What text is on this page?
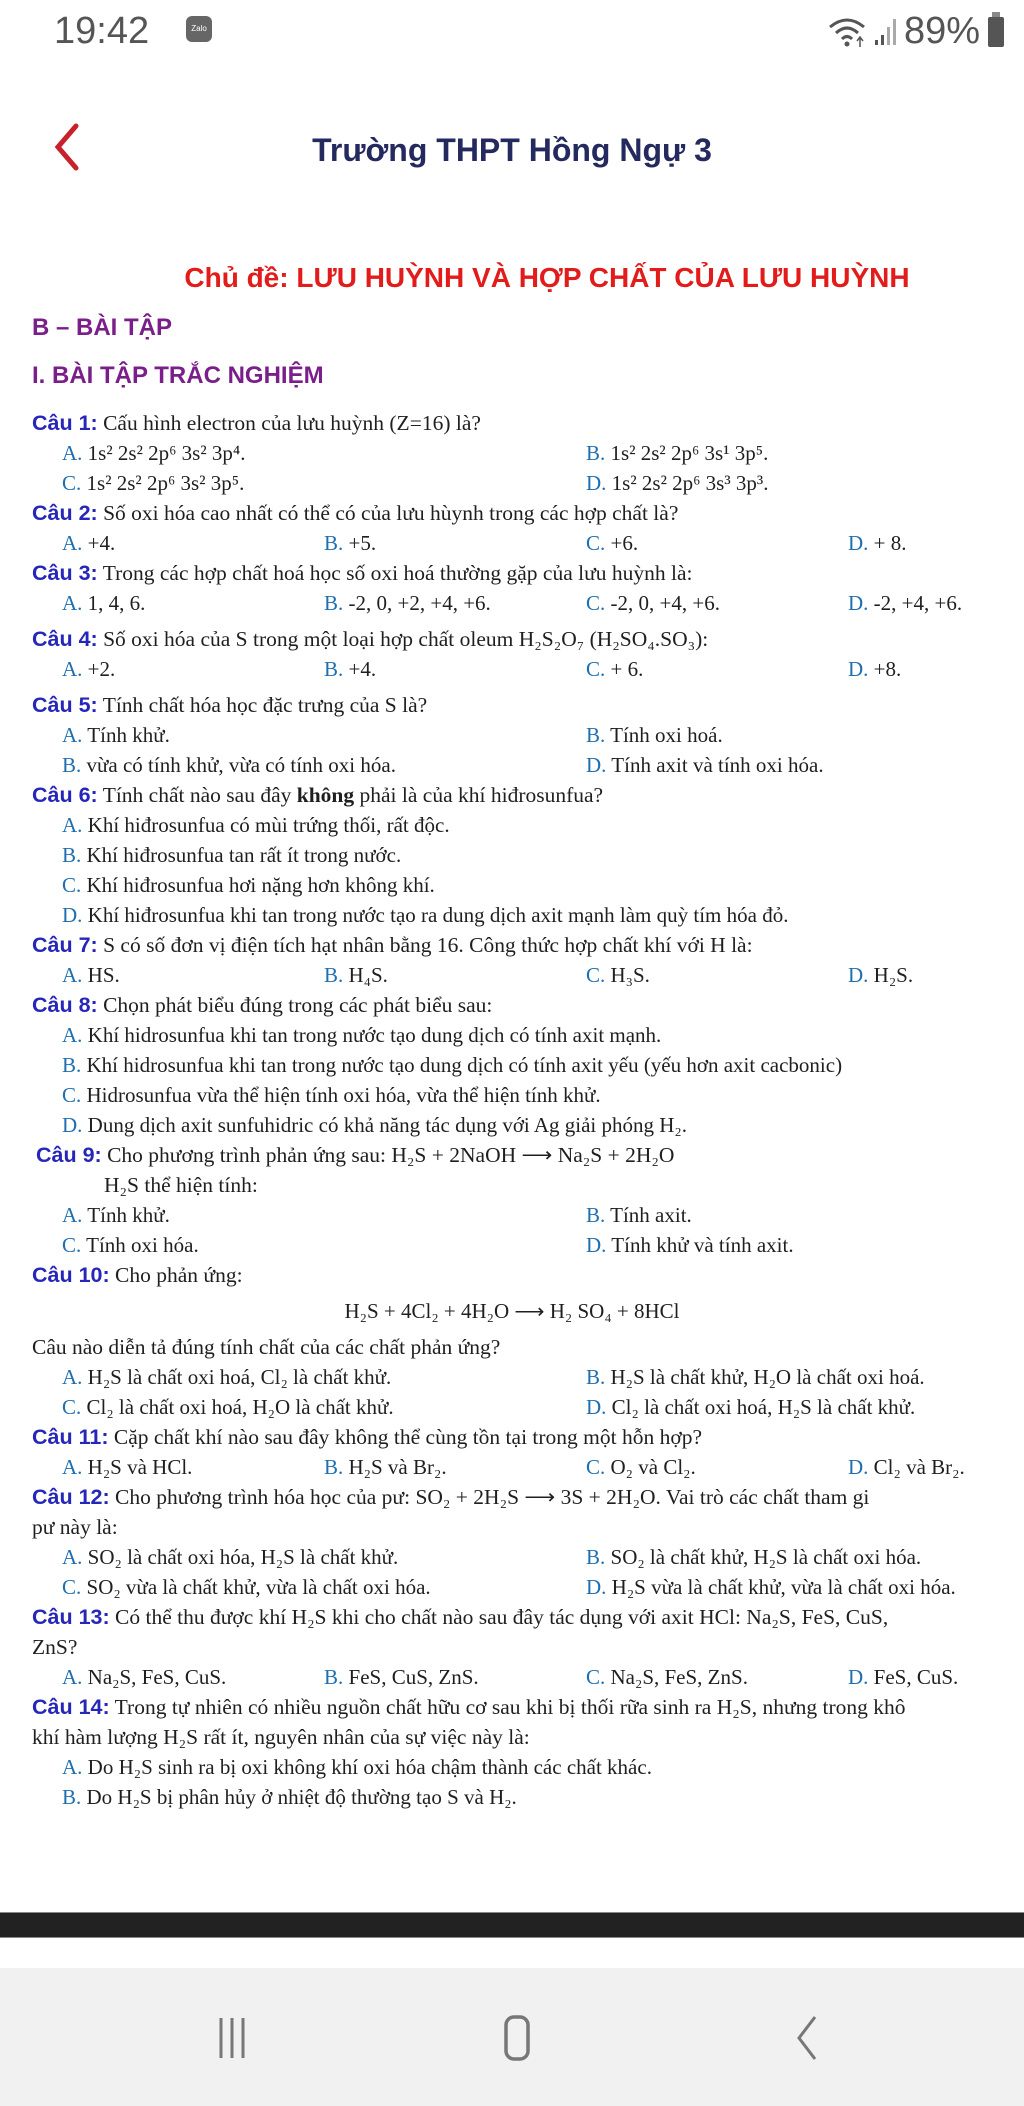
19:42	Zalo	89%
Trường THPT Hồng Ngự 3
Chủ đề: LƯU HUỲNH VÀ HỢP CHẤT CỦA LƯU HUỲNH
B – BÀI TẬP
I. BÀI TẬP TRẮC NGHIỆM
Câu 1: Cấu hình electron của lưu huỳnh (Z=16) là?
A. 1s² 2s² 2p⁶ 3s² 3p⁴.	B. 1s² 2s² 2p⁶ 3s¹ 3p⁵.
C. 1s² 2s² 2p⁶ 3s² 3p⁵.	D. 1s² 2s² 2p⁶ 3s³ 3p³.
Câu 2: Số oxi hóa cao nhất có thể có của lưu hùynh trong các hợp chất là?
A. +4.	B. +5.	C. +6.	D. + 8.
Câu 3: Trong các hợp chất hoá học số oxi hoá thường gặp của lưu huỳnh là:
A. 1, 4, 6.	B. -2, 0, +2, +4, +6.	C. -2, 0, +4, +6.	D. -2, +4, +6.
Câu 4: Số oxi hóa của S trong một loại hợp chất oleum H₂S₂O₇ (H₂SO₄.SO₃):
A. +2.	B. +4.	C. + 6.	D. +8.
Câu 5: Tính chất hóa học đặc trưng của S là?
A. Tính khử.	B. Tính oxi hoá.
B. vừa có tính khử, vừa có tính oxi hóa.	D. Tính axit và tính oxi hóa.
Câu 6: Tính chất nào sau đây không phải là của khí hiđrosunfua?
A. Khí hiđrosunfua có mùi trứng thối, rất độc.
B. Khí hiđrosunfua tan rất ít trong nước.
C. Khí hiđrosunfua hơi nặng hơn không khí.
D. Khí hiđrosunfua khi tan trong nước tạo ra dung dịch axit mạnh làm quỳ tím hóa đỏ.
Câu 7: S có số đơn vị điện tích hạt nhân bằng 16. Công thức hợp chất khí với H là:
A. HS.	B. H₄S.	C. H₃S.	D. H₂S.
Câu 8: Chọn phát biểu đúng trong các phát biểu sau:
A. Khí hidrosunfua khi tan trong nước tạo dung dịch có tính axit mạnh.
B. Khí hidrosunfua khi tan trong nước tạo dung dịch có tính axit yếu (yếu hơn axit cacbonic)
C. Hidrosunfua vừa thể hiện tính oxi hóa, vừa thể hiện tính khử.
D. Dung dịch axit sunfuhidric có khả năng tác dụng với Ag giải phóng H₂.
Câu 9: Cho phương trình phản ứng sau: H₂S + 2NaOH ⟶ Na₂S + 2H₂O
H₂S thể hiện tính:
A. Tính khử.	B. Tính axit.
C. Tính oxi hóa.	D. Tính khử và tính axit.
Câu 10: Cho phản ứng:
H₂S + 4Cl₂ + 4H₂O ⟶ H₂ SO₄ + 8HCl
Câu nào diễn tả đúng tính chất của các chất phản ứng?
A. H₂S là chất oxi hoá, Cl₂ là chất khử.	B. H₂S là chất khử, H₂O là chất oxi hoá.
C. Cl₂ là chất oxi hoá, H₂O là chất khử.	D. Cl₂ là chất oxi hoá, H₂S là chất khử.
Câu 11: Cặp chất khí nào sau đây không thể cùng tồn tại trong một hỗn hợp?
A. H₂S và HCl.	B. H₂S và Br₂.	C. O₂ và Cl₂.	D. Cl₂ và Br₂.
Câu 12: Cho phương trình hóa học của pư: SO₂ + 2H₂S ⟶ 3S + 2H₂O. Vai trò các chất tham gi
pư này là:
A. SO₂ là chất oxi hóa, H₂S là chất khử.	B. SO₂ là chất khử, H₂S là chất oxi hóa.
C. SO₂ vừa là chất khử, vừa là chất oxi hóa.	D. H₂S vừa là chất khử, vừa là chất oxi hóa.
Câu 13: Có thể thu được khí H₂S khi cho chất nào sau đây tác dụng với axit HCl: Na₂S, FeS, CuS,
ZnS?
A. Na₂S, FeS, CuS.	B. FeS, CuS, ZnS.	C. Na₂S, FeS, ZnS.	D. FeS, CuS.
Câu 14: Trong tự nhiên có nhiều nguồn chất hữu cơ sau khi bị thối rữa sinh ra H₂S, nhưng trong khô
khí hàm lượng H₂S rất ít, nguyên nhân của sự việc này là:
A. Do H₂S sinh ra bị oxi không khí oxi hóa chậm thành các chất khác.
B. Do H₂S bị phân hủy ở nhiệt độ thường tạo S và H₂.
